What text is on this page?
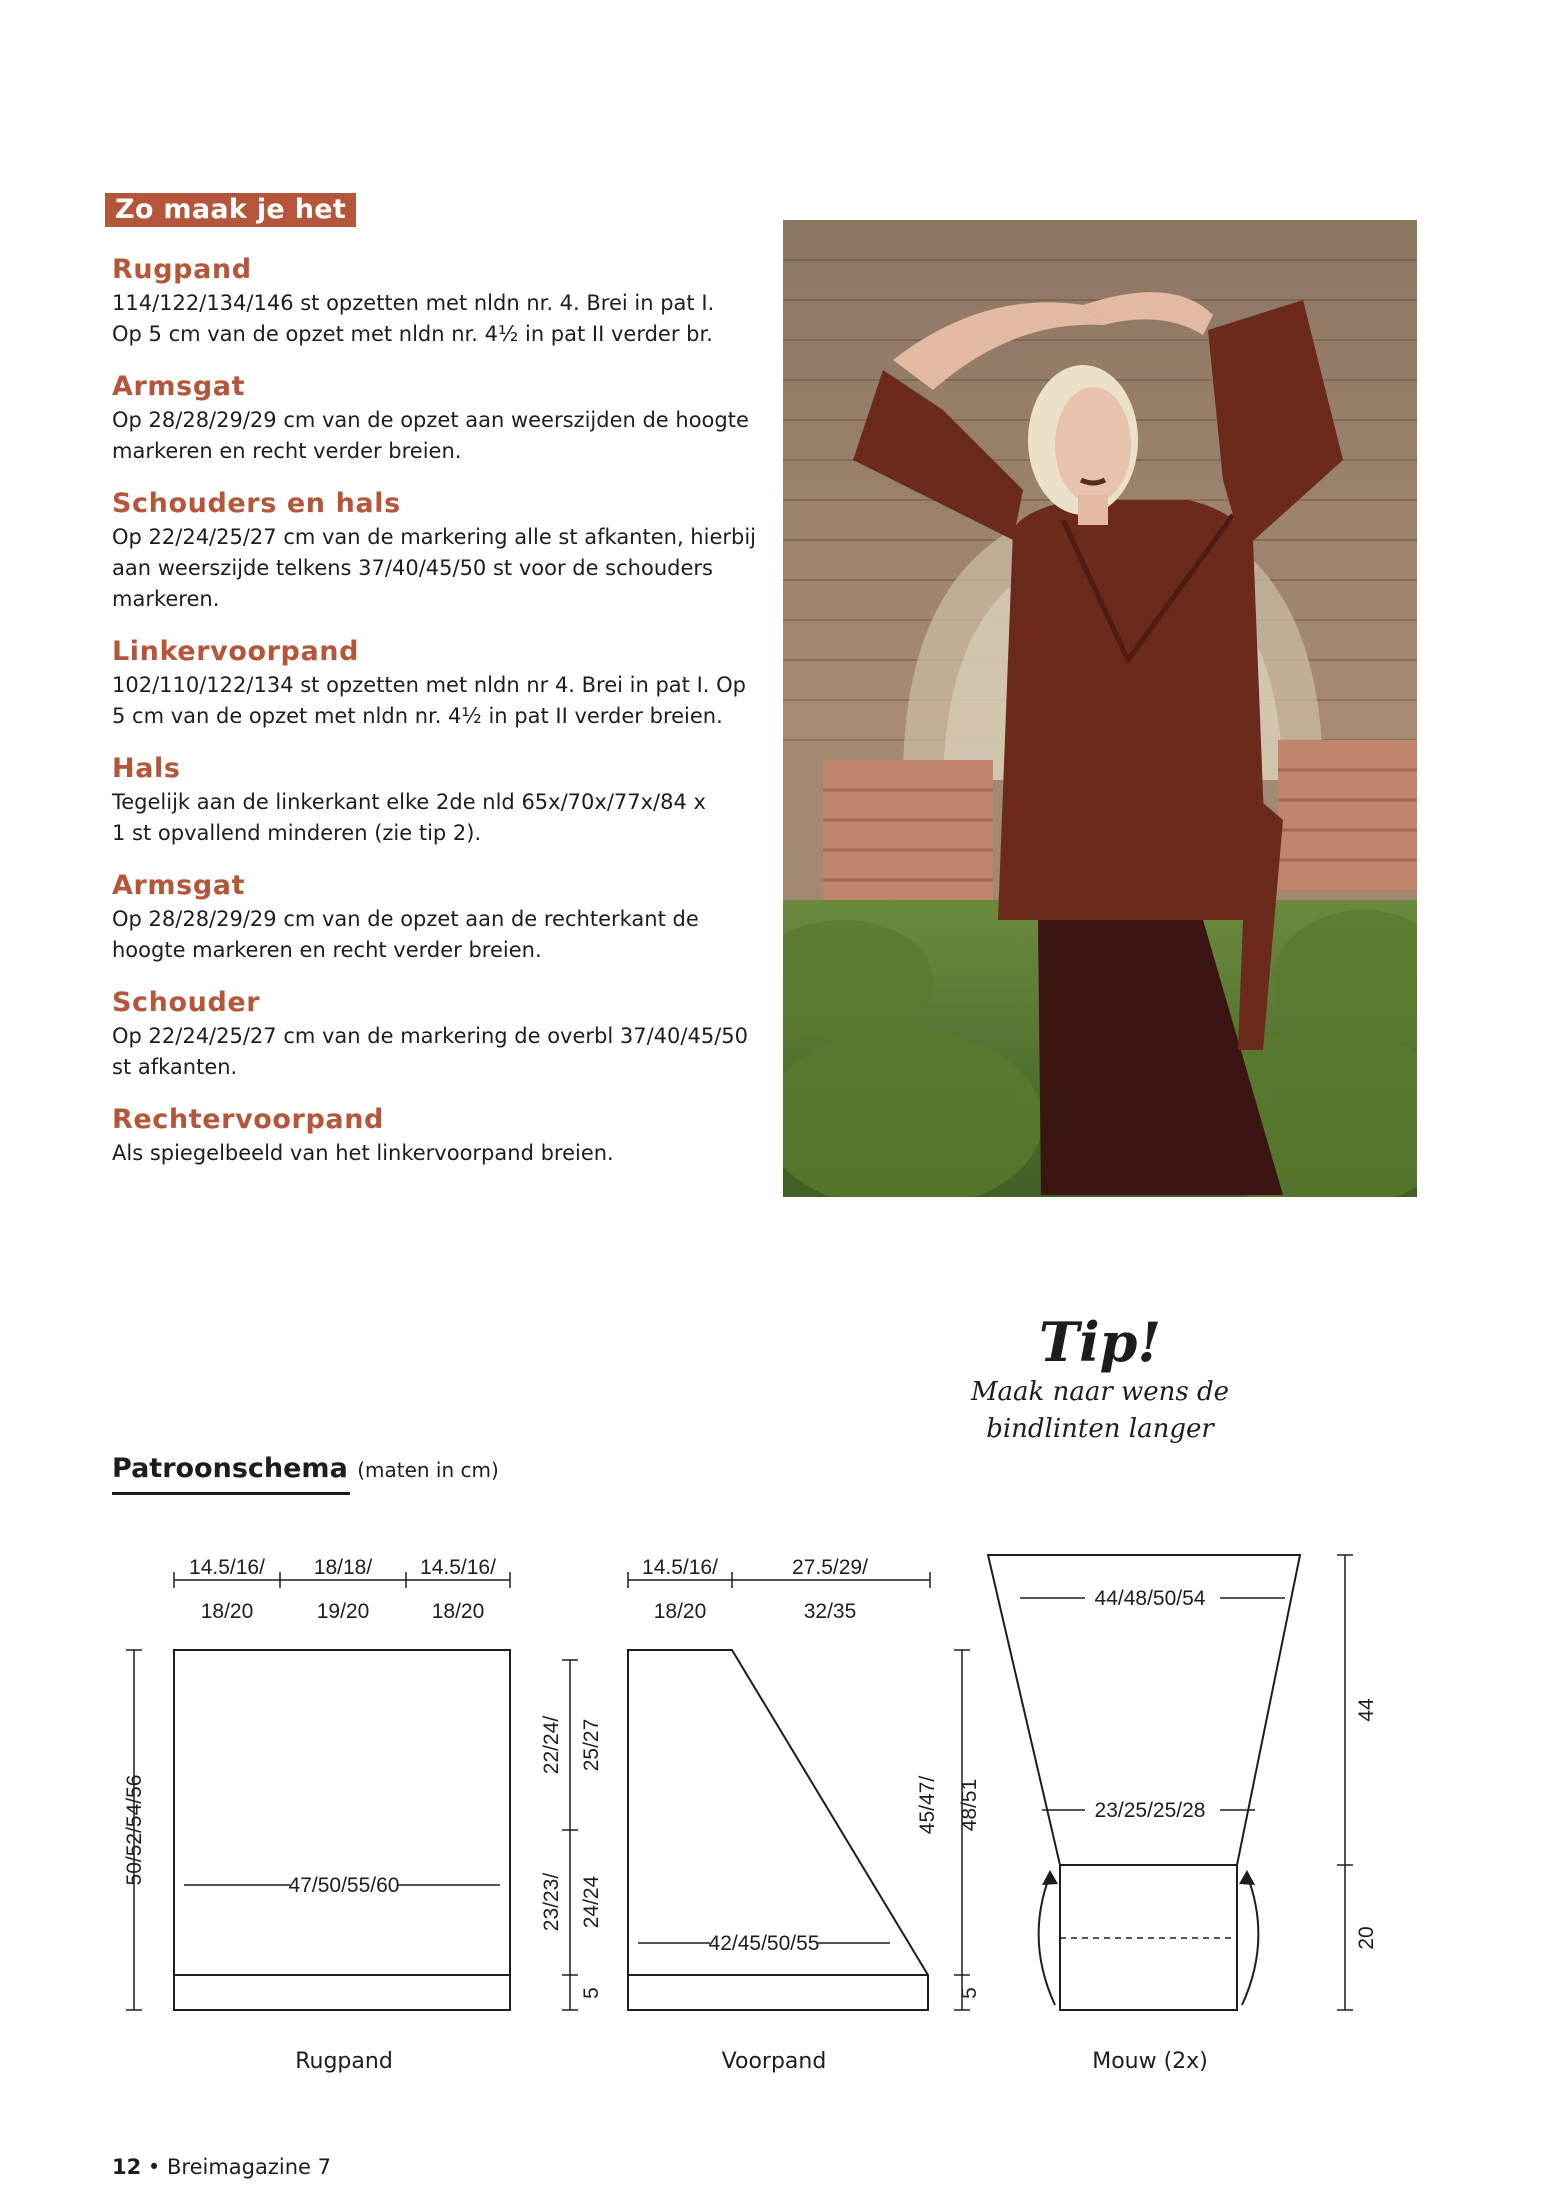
Zo maak je het
Rugpand

114/122/134/146 st opzetten met nldn nr. 4. Brei in pat I.

Op 5 cm van de opzet met nldn nr. 4½ in pat II verder br.

Armsgat

Op 28/28/29/29 cm van de opzet aan weerszijden de hoogte

markeren en recht verder breien.

Schouders en hals

Op 22/24/25/27 cm van de markering alle st afkanten, hierbij

aan weerszijde telkens 37/40/45/50 st voor de schouders

markeren.

Linkervoorpand

102/110/122/134 st opzetten met nldn nr 4. Brei in pat I. Op

5 cm van de opzet met nldn nr. 4½ in pat II verder breien.

Hals

Tegelijk aan de linkerkant elke 2de nld 65x/70x/77x/84 x

1 st opvallend minderen (zie tip 2).

Armsgat

Op 28/28/29/29 cm van de opzet aan de rechterkant de

hoogte markeren en recht verder breien.

Schouder

Op 22/24/25/27 cm van de markering de overbl 37/40/45/50

st afkanten.

Rechtervoorpand

Als spiegelbeeld van het linkervoorpand breien.

Tip!
Maak naar wens de
bindlinten langer
Patroonschema (maten in cm)
14.5/16/
18/20
18/18/
19/20
14.5/16/
18/20
47/50/55/60
50/52/54/56
22/24/ 25/27
23/23/ 24/24
5
Rugpand
14.5/16/
18/20
27.5/29/
32/35
42/45/50/55
45/47/ 48/51
5
Voorpand
44/48/50/54
23/25/25/28
44
20
Mouw (2x)
12 • Breimagazine 7
